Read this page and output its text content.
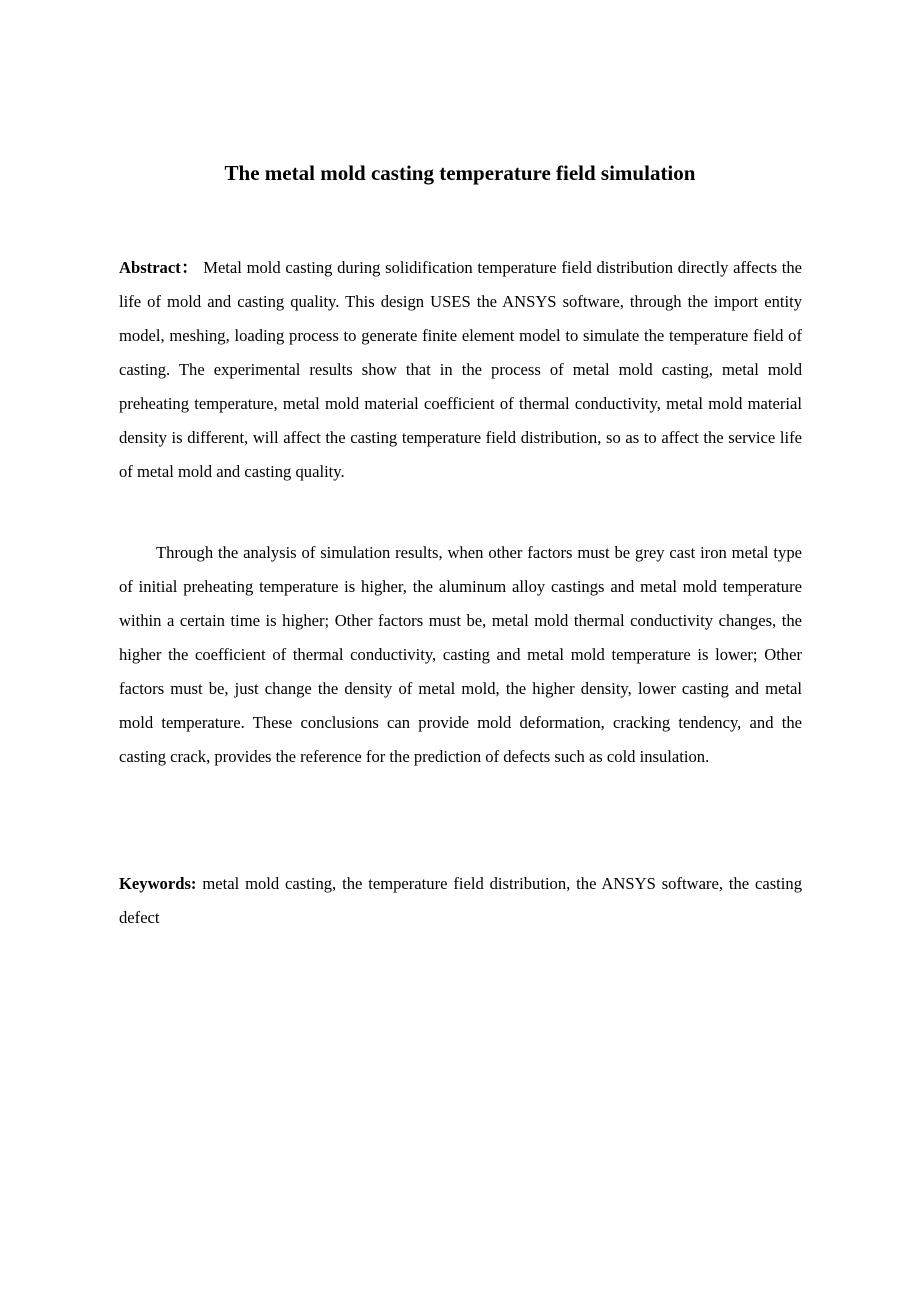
The metal mold casting temperature field simulation

Abstract： Metal mold casting during solidification temperature field distribution directly affects the life of mold and casting quality. This design USES the ANSYS software, through the import entity model, meshing, loading process to generate finite element model to simulate the temperature field of casting. The experimental results show that in the process of metal mold casting, metal mold preheating temperature, metal mold material coefficient of thermal conductivity, metal mold material density is different, will affect the casting temperature field distribution, so as to affect the service life of metal mold and casting quality.

Through the analysis of simulation results, when other factors must be grey cast iron metal type of initial preheating temperature is higher, the aluminum alloy castings and metal mold temperature within a certain time is higher; Other factors must be, metal mold thermal conductivity changes, the higher the coefficient of thermal conductivity, casting and metal mold temperature is lower; Other factors must be, just change the density of metal mold, the higher density, lower casting and metal mold temperature. These conclusions can provide mold deformation, cracking tendency, and the casting crack, provides the reference for the prediction of defects such as cold insulation.

Keywords: metal mold casting, the temperature field distribution, the ANSYS software, the casting defect
